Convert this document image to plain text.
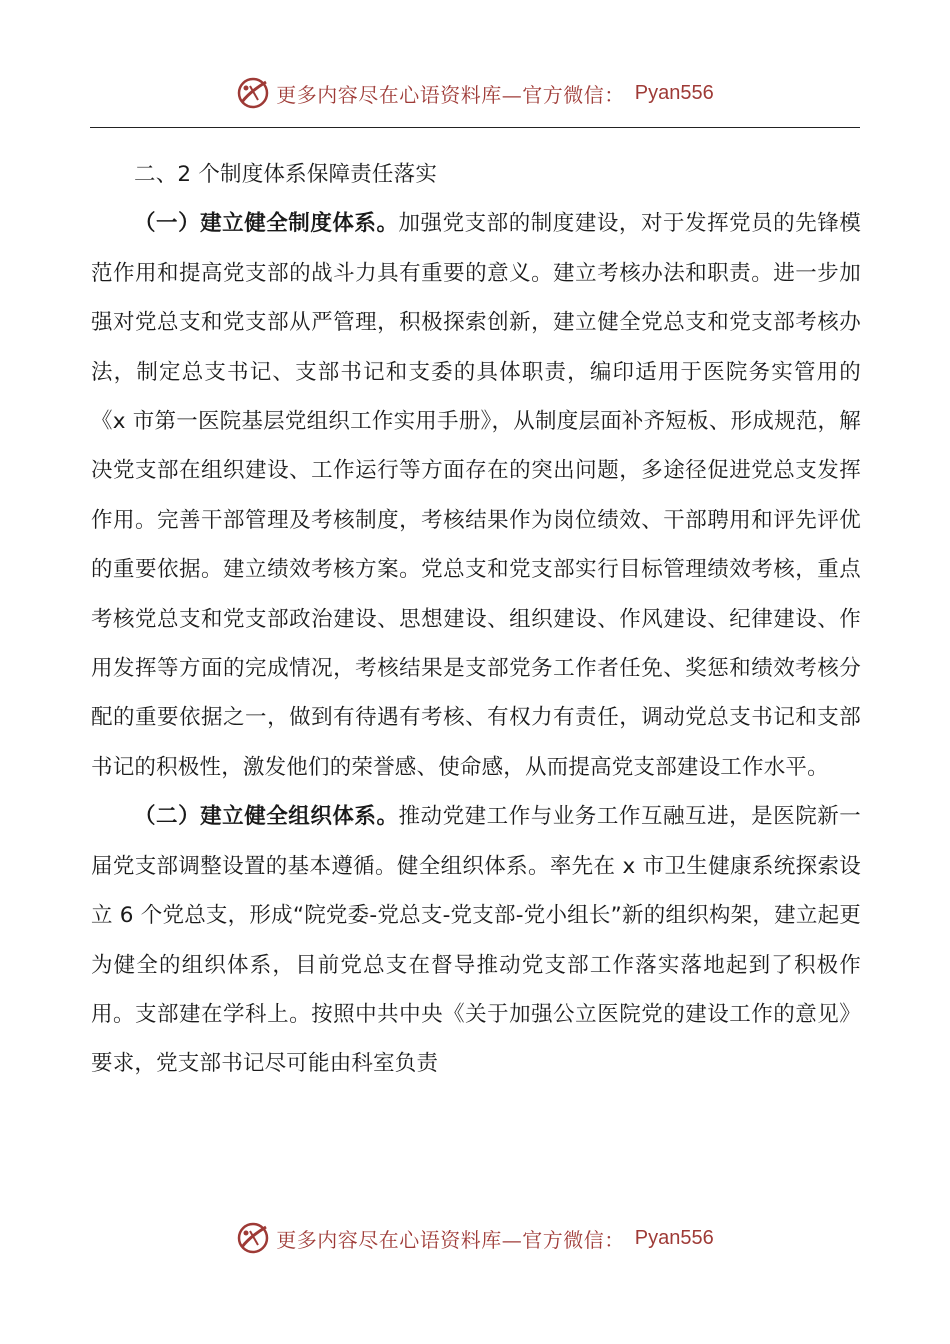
更多内容尽在心语资料库—官方微信： Pyan556

二、2 个制度体系保障责任落实

（一）建立健全制度体系。加强党支部的制度建设，对于发挥党员的先锋模范作用和提高党支部的战斗力具有重要的意义。建立考核办法和职责。进一步加强对党总支和党支部从严管理，积极探索创新，建立健全党总支和党支部考核办法，制定总支书记、支部书记和支委的具体职责，编印适用于医院务实管用的《x 市第一医院基层党组织工作实用手册》，从制度层面补齐短板、形成规范，解决党支部在组织建设、工作运行等方面存在的突出问题，多途径促进党总支发挥作用。完善干部管理及考核制度，考核结果作为岗位绩效、干部聘用和评先评优的重要依据。建立绩效考核方案。党总支和党支部实行目标管理绩效考核，重点考核党总支和党支部政治建设、思想建设、组织建设、作风建设、纪律建设、作用发挥等方面的完成情况，考核结果是支部党务工作者任免、奖惩和绩效考核分配的重要依据之一，做到有待遇有考核、有权力有责任，调动党总支书记和支部书记的积极性，激发他们的荣誉感、使命感，从而提高党支部建设工作水平。

（二）建立健全组织体系。推动党建工作与业务工作互融互进，是医院新一届党支部调整设置的基本遵循。健全组织体系。率先在 x 市卫生健康系统探索设立 6 个党总支，形成“院党委-党总支-党支部-党小组长”新的组织构架，建立起更为健全的组织体系，目前党总支在督导推动党支部工作落实落地起到了积极作用。支部建在学科上。按照中共中央《关于加强公立医院党的建设工作的意见》要求，党支部书记尽可能由科室负责

更多内容尽在心语资料库—官方微信： Pyan556
